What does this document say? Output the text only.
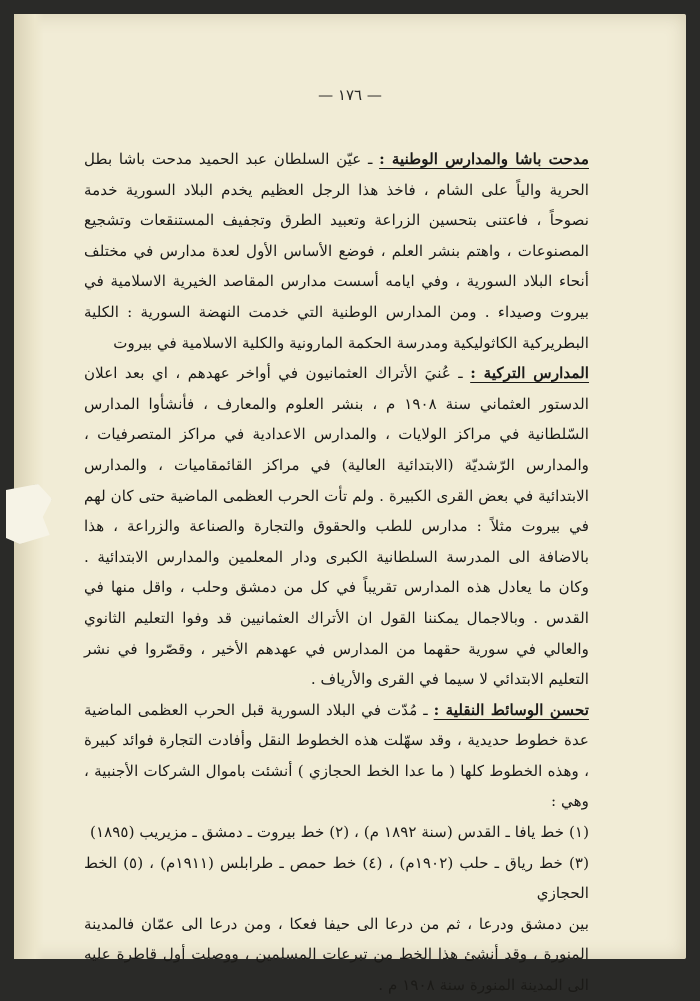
— ١٧٦ —

مدحت باشا والمدارس الوطنية : ـ عيّن السلطان عبد الحميد مدحت باشا بطل الحرية والياً على الشام ، فاخذ هذا الرجل العظيم يخدم البلاد السورية خدمة نصوحاً ، فاعتنى بتحسين الزراعة وتعبيد الطرق وتجفيف المستنقعات وتشجيع المصنوعات ، واهتم بنشر العلم ، فوضع الأساس الأول لعدة مدارس في مختلف أنحاء البلاد السورية ، وفي ايامه أسست مدارس المقاصد الخيرية الاسلامية في بيروت وصيداء . ومن المدارس الوطنية التي خدمت النهضة السورية : الكلية البطريركية الكاثوليكية ومدرسة الحكمة المارونية والكلية الاسلامية في بيروت

المدارس التركية : ـ عُنيَ الأتراك العثمانيون في أواخر عهدهم ، اي بعد اعلان الدستور العثماني سنة ١٩٠٨ م ، بنشر العلوم والمعارف ، فأنشأوا المدارس السّلطانية في مراكز الولايات ، والمدارس الاعدادية في مراكز المتصرفيات ، والمدارس الرّشديّة (الابتدائية العالية) في مراكز القائمقاميات ، والمدارس الابتدائية في بعض القرى الكبيرة . ولم تأت الحرب العظمى الماضية حتى كان لهم في بيروت مثلاً : مدارس للطب والحقوق والتجارة والصناعة والزراعة ، هذا بالاضافة الى المدرسة السلطانية الكبرى ودار المعلمين والمدارس الابتدائية . وكان ما يعادل هذه المدارس تقريباً في كل من دمشق وحلب ، واقل منها في القدس . وبالاجمال يمكننا القول ان الأتراك العثمانيين قد وفوا التعليم الثانوي والعالي في سورية حقهما من المدارس في عهدهم الأخير ، وقصّروا في نشر التعليم الابتدائي لا سيما في القرى والأرياف .

تحسن الوسائط النقلية : ـ مُدّت في البلاد السورية قبل الحرب العظمى الماضية عدة خطوط حديدية ، وقد سهّلت هذه الخطوط النقل وأفادت التجارة فوائد كبيرة ، وهذه الخطوط كلها ( ما عدا الخط الحجازي ) أنشئت باموال الشركات الأجنبية ، وهي :

(١) خط يافا ـ القدس (سنة ١٨٩٢ م) ، (٢) خط بيروت ـ دمشق ـ مزيريب (١٨٩٥)

(٣) خط رياق ـ حلب (١٩٠٢م) ، (٤) خط حمص ـ طرابلس (١٩١١م) ، (٥) الخط الحجازي

بين دمشق ودرعا ، ثم من درعا الى حيفا فعكا ، ومن درعا الى عمّان فالمدينة المنورة ، وقد أنشئ هذا الخط من تبرعات المسلمين ، ووصلت أول قاطرة عليه الى المدينة المنورة سنة ١٩٠٨ م .
